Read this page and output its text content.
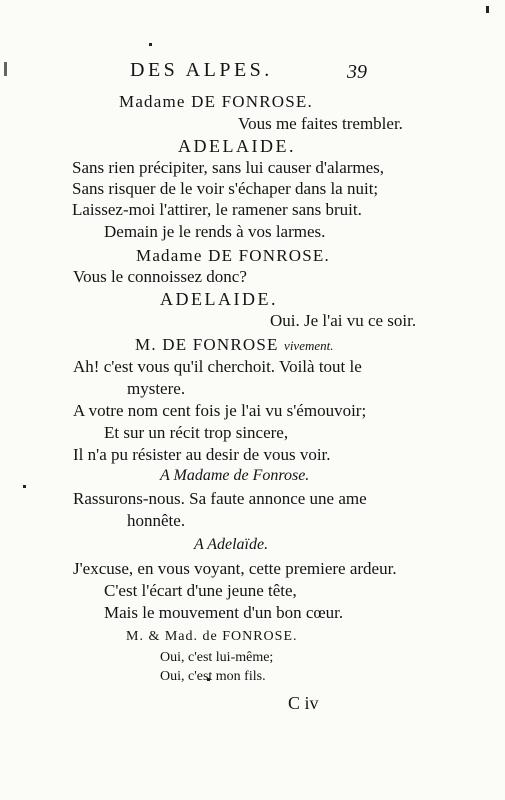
DES ALPES.	39
Madame DE FONROSE.
Vous me faites trembler.
ADELAIDE.
Sans rien précipiter, sans lui causer d'alarmes,
Sans risquer de le voir s'échaper dans la nuit;
Laissez-moi l'attirer, le ramener sans bruit.
Demain je le rends à vos larmes.
Madame DE FONROSE.
Vous le connoissez donc?
ADELAIDE.
Oui. Je l'ai vu ce soir.
M. DE FONROSE vivement.
Ah! c'est vous qu'il cherchoit. Voilà tout le
mystere.
A votre nom cent fois je l'ai vu s'émouvoir;
Et sur un récit trop sincere,
Il n'a pu résister au desir de vous voir.
A Madame de Fonrose.
Rassurons-nous. Sa faute annonce une ame
honnête.
A Adelaïde.
J'excuse, en vous voyant, cette premiere ardeur.
C'est l'écart d'une jeune tête,
Mais le mouvement d'un bon cœur.
M. & Mad. de FONROSE.
Oui, c'est lui-même;
Oui, c'est mon fils.
C iv
